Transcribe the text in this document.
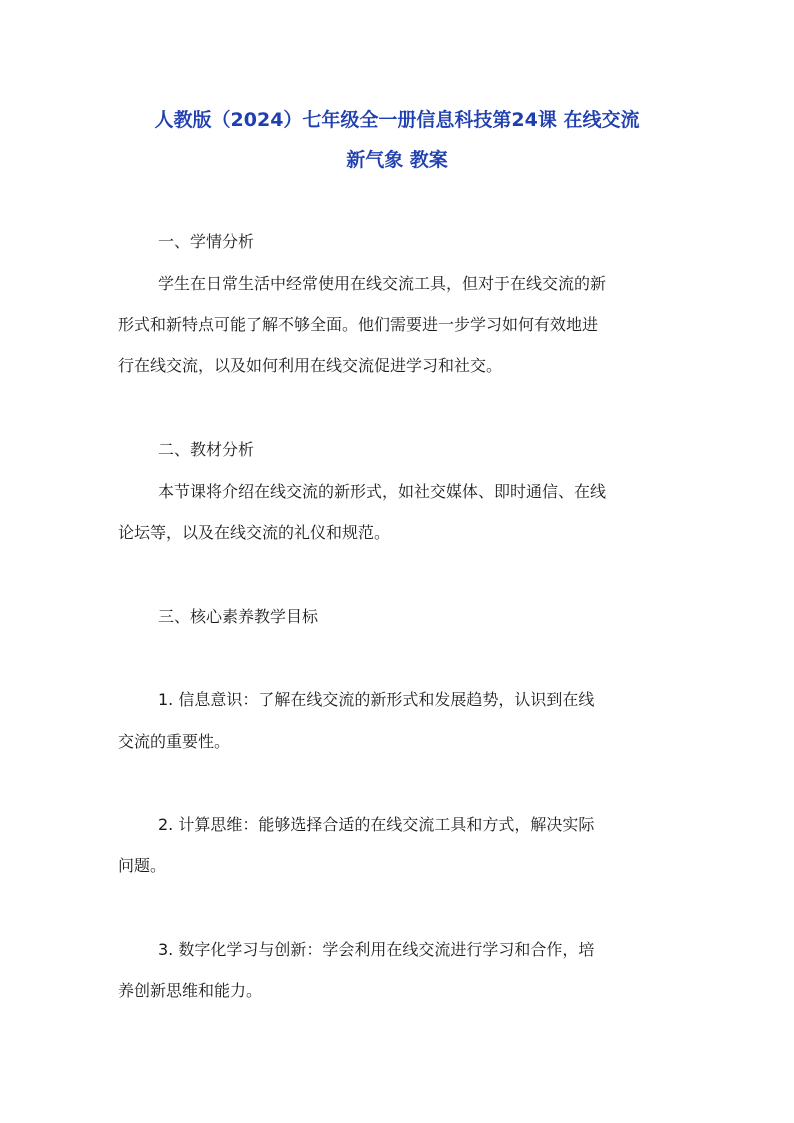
人教版（2024）七年级全一册信息科技第24课 在线交流
新气象 教案
一、学情分析
学生在日常生活中经常使用在线交流工具，但对于在线交流的新
形式和新特点可能了解不够全面。他们需要进一步学习如何有效地进
行在线交流，以及如何利用在线交流促进学习和社交。
二、教材分析
本节课将介绍在线交流的新形式，如社交媒体、即时通信、在线
论坛等，以及在线交流的礼仪和规范。
三、核心素养教学目标
1. 信息意识：了解在线交流的新形式和发展趋势，认识到在线
交流的重要性。
2. 计算思维：能够选择合适的在线交流工具和方式，解决实际
问题。
3. 数字化学习与创新：学会利用在线交流进行学习和合作，培
养创新思维和能力。
